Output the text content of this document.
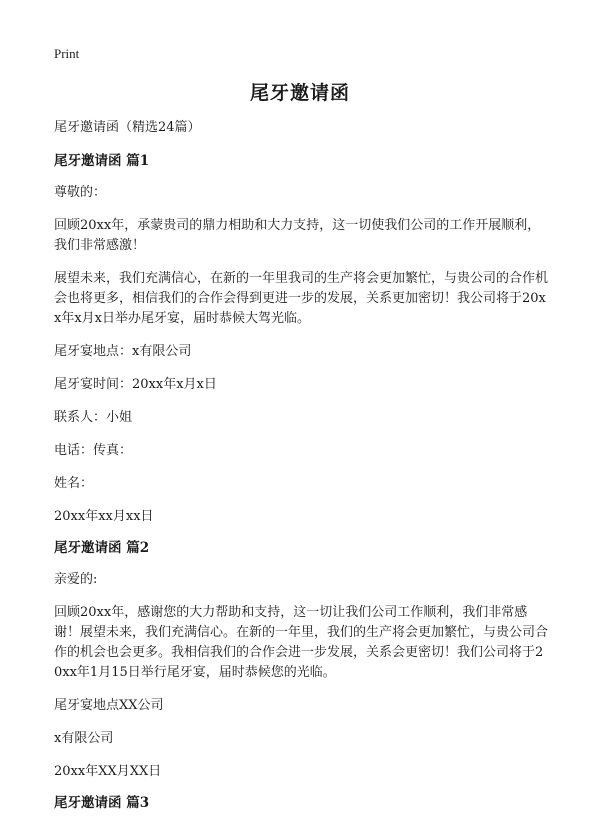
Print
尾牙邀请函
尾牙邀请函（精选24篇）
尾牙邀请函 篇1
尊敬的：
回顾20xx年，承蒙贵司的鼎力相助和大力支持，这一切使我们公司的工作开展顺利，我们非常感激！
展望未来，我们充满信心，在新的一年里我司的生产将会更加繁忙，与贵公司的合作机会也将更多，相信我们的合作会得到更进一步的发展，关系更加密切！我公司将于20xx年x月x日举办尾牙宴，届时恭候大驾光临。
尾牙宴地点：x有限公司
尾牙宴时间：20xx年x月x日
联系人：小姐
电话：传真：
姓名：
20xx年xx月xx日
尾牙邀请函 篇2
亲爱的:
回顾20xx年，感谢您的大力帮助和支持，这一切让我们公司工作顺利，我们非常感谢！展望未来，我们充满信心。在新的一年里，我们的生产将会更加繁忙，与贵公司合作的机会也会更多。我相信我们的合作会进一步发展，关系会更密切！我们公司将于20xx年1月15日举行尾牙宴，届时恭候您的光临。
尾牙宴地点XX公司
x有限公司
20xx年XX月XX日
尾牙邀请函 篇3
